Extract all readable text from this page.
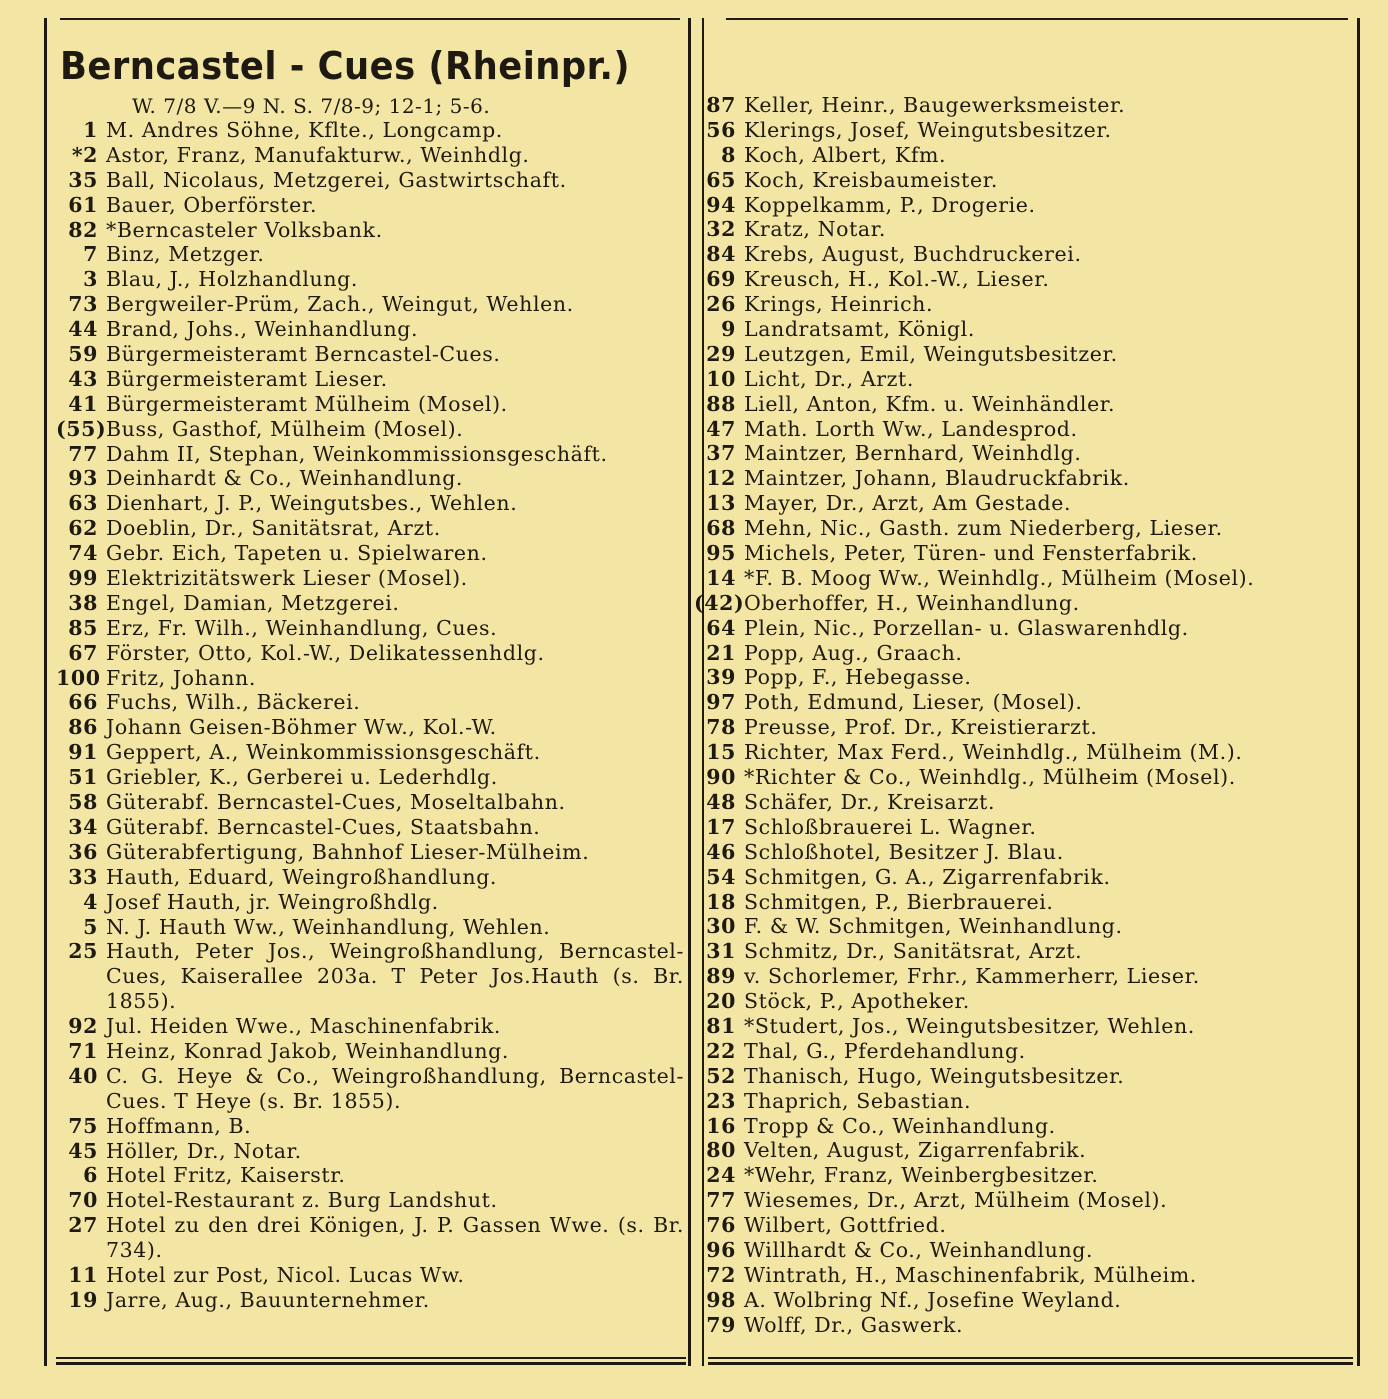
Berncastel - Cues (Rheinpr.)
W. 7/8 V.—9 N. S. 7/8-9; 12-1; 5-6.
1 M. Andres Söhne, Kflte., Longcamp.
*2 Astor, Franz, Manufakturw., Weinhdlg.
35 Ball, Nicolaus, Metzgerei, Gastwirtschaft.
61 Bauer, Oberförster.
82 *Berncasteler Volksbank.
7 Binz, Metzger.
3 Blau, J., Holzhandlung.
73 Bergweiler-Prüm, Zach., Weingut, Wehlen.
44 Brand, Johs., Weinhandlung.
59 Bürgermeisteramt Berncastel-Cues.
43 Bürgermeisteramt Lieser.
41 Bürgermeisteramt Mülheim (Mosel).
(55) Buss, Gasthof, Mülheim (Mosel).
77 Dahm II, Stephan, Weinkommissionsgeschäft.
93 Deinhardt & Co., Weinhandlung.
63 Dienhart, J. P., Weingutsbes., Wehlen.
62 Doeblin, Dr., Sanitätsrat, Arzt.
74 Gebr. Eich, Tapeten u. Spielwaren.
99 Elektrizitätswerk Lieser (Mosel).
38 Engel, Damian, Metzgerei.
85 Erz, Fr. Wilh., Weinhandlung, Cues.
67 Förster, Otto, Kol.-W., Delikatessenhdlg.
100 Fritz, Johann.
66 Fuchs, Wilh., Bäckerei.
86 Johann Geisen-Böhmer Ww., Kol.-W.
91 Geppert, A., Weinkommissionsgeschäft.
51 Griebler, K., Gerberei u. Lederhdlg.
58 Güterabf. Berncastel-Cues, Moseltalbahn.
34 Güterabf. Berncastel-Cues, Staatsbahn.
36 Güterabfertigung, Bahnhof Lieser-Mülheim.
33 Hauth, Eduard, Weingroßhandlung.
4 Josef Hauth, jr. Weingroßhdlg.
5 N. J. Hauth Ww., Weinhandlung, Wehlen.
25 Hauth, Peter Jos., Weingroßhandlung, Berncastel-Cues, Kaiserallee 203a. T Peter Jos.Hauth (s. Br. 1855).
92 Jul. Heiden Wwe., Maschinenfabrik.
71 Heinz, Konrad Jakob, Weinhandlung.
40 C. G. Heye & Co., Weingroßhandlung, Berncastel-Cues. T Heye (s. Br. 1855).
75 Hoffmann, B.
45 Höller, Dr., Notar.
6 Hotel Fritz, Kaiserstr.
70 Hotel-Restaurant z. Burg Landshut.
27 Hotel zu den drei Königen, J. P. Gassen Wwe. (s. Br. 734).
11 Hotel zur Post, Nicol. Lucas Ww.
19 Jarre, Aug., Bauunternehmer.
87 Keller, Heinr., Baugewerksmeister.
56 Klerings, Josef, Weingutsbesitzer.
8 Koch, Albert, Kfm.
65 Koch, Kreisbaumeister.
94 Koppelkamm, P., Drogerie.
32 Kratz, Notar.
84 Krebs, August, Buchdruckerei.
69 Kreusch, H., Kol.-W., Lieser.
26 Krings, Heinrich.
9 Landratsamt, Königl.
29 Leutzgen, Emil, Weingutsbesitzer.
10 Licht, Dr., Arzt.
88 Liell, Anton, Kfm. u. Weinhändler.
47 Math. Lorth Ww., Landesprod.
37 Maintzer, Bernhard, Weinhdlg.
12 Maintzer, Johann, Blaudruckfabrik.
13 Mayer, Dr., Arzt, Am Gestade.
68 Mehn, Nic., Gasth. zum Niederberg, Lieser.
95 Michels, Peter, Türen- und Fensterfabrik.
14 *F. B. Moog Ww., Weinhdlg., Mülheim (Mosel).
(42) Oberhoffer, H., Weinhandlung.
64 Plein, Nic., Porzellan- u. Glaswarenhdlg.
21 Popp, Aug., Graach.
39 Popp, F., Hebegasse.
97 Poth, Edmund, Lieser, (Mosel).
78 Preusse, Prof. Dr., Kreistierarzt.
15 Richter, Max Ferd., Weinhdlg., Mülheim (M.).
90 *Richter & Co., Weinhdlg., Mülheim (Mosel).
48 Schäfer, Dr., Kreisarzt.
17 Schloßbrauerei L. Wagner.
46 Schloßhotel, Besitzer J. Blau.
54 Schmitgen, G. A., Zigarrenfabrik.
18 Schmitgen, P., Bierbrauerei.
30 F. & W. Schmitgen, Weinhandlung.
31 Schmitz, Dr., Sanitätsrat, Arzt.
89 v. Schorlemer, Frhr., Kammerherr, Lieser.
20 Stöck, P., Apotheker.
81 *Studert, Jos., Weingutsbesitzer, Wehlen.
22 Thal, G., Pferdehandlung.
52 Thanisch, Hugo, Weingutsbesitzer.
23 Thaprich, Sebastian.
16 Tropp & Co., Weinhandlung.
80 Velten, August, Zigarrenfabrik.
24 *Wehr, Franz, Weinbergbesitzer.
77 Wiesemes, Dr., Arzt, Mülheim (Mosel).
76 Wilbert, Gottfried.
96 Willhardt & Co., Weinhandlung.
72 Wintrath, H., Maschinenfabrik, Mülheim.
98 A. Wolbring Nf., Josefine Weyland.
79 Wolff, Dr., Gaswerk.
